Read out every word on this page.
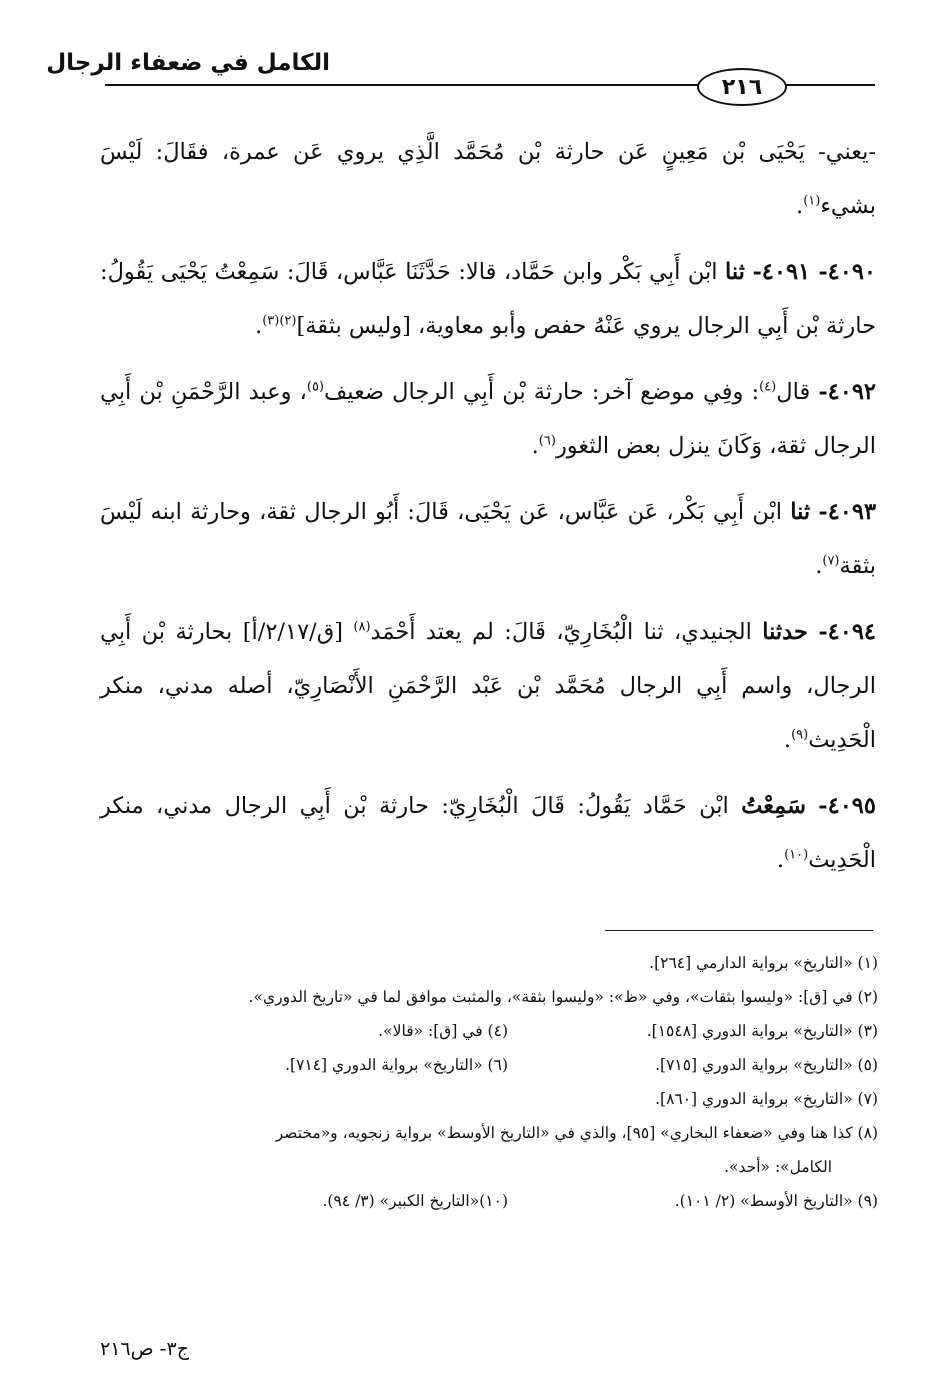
الكامل في ضعفاء الرجال
٢١٦

-يعني- يَحْيَى بْن مَعِينٍ عَن حارثة بْن مُحَمَّد الَّذِي يروي عَن عمرة، فقَالَ: لَيْسَ بشيء$^{(١)}$.

٤٠٩٠- ٤٠٩١- ثنا ابْن أَبِي بَكْر وابن حَمَّاد، قالا: حَدَّثَنَا عَبَّاس، قَالَ: سَمِعْتُ يَحْيَى يَقُولُ: حارثة بْن أَبِي الرجال يروي عَنْهُ حفص وأبو معاوية، [وليس بثقة]$^{(٢)(٣)}$.

٤٠٩٢- قال$^{(٤)}$: وفِي موضع آخر: حارثة بْن أَبِي الرجال ضعيف$^{(٥)}$، وعبد الرَّحْمَنِ بْن أَبِي الرجال ثقة، وَكَانَ ينزل بعض الثغور$^{(٦)}$.

٤٠٩٣- ثنا ابْن أَبِي بَكْر، عَن عَبَّاس، عَن يَحْيَى، قَالَ: أَبُو الرجال ثقة، وحارثة ابنه لَيْسَ بثقة$^{(٧)}$.

٤٠٩٤- حدثنا الجنيدي، ثنا الْبُخَارِيّ، قَالَ: لم يعتد أَحْمَد$^{(٨)}$ [ق/٢/١٧/أ] بحارثة بْن أَبِي الرجال، واسم أَبِي الرجال مُحَمَّد بْن عَبْد الرَّحْمَنِ الأَنْصَارِيّ، أصله مدني، منكر الْحَدِيث$^{(٩)}$.

٤٠٩٥- سَمِعْتُ ابْن حَمَّاد يَقُولُ: قَالَ الْبُخَارِيّ: حارثة بْن أَبِي الرجال مدني، منكر الْحَدِيث$^{(١٠)}$.

(١) «التاريخ» برواية الدارمي [٢٦٤].
(٢) في [ق]: «وليسوا بثقات»، وفي «ظ»: «وليسوا بثقة»، والمثبت موافق لما في «تاريخ الدوري».
(٣) «التاريخ» برواية الدوري [١٥٤٨].
(٤) في [ق]: «قالا».
(٥) «التاريخ» برواية الدوري [٧١٥].
(٦) «التاريخ» برواية الدوري [٧١٤].
(٧) «التاريخ» برواية الدوري [٨٦٠].
(٨) كذا هنا وفي «ضعفاء البخاري» [٩٥]، والذي في «التاريخ الأوسط» برواية زنجويه، و«مختصر
الكامل»: «أحد».
(٩) «التاريخ الأوسط» (٢/ ١٠١).
(١٠)«التاريخ الكبير» (٣/ ٩٤).
ج٣- ص٢١٦
